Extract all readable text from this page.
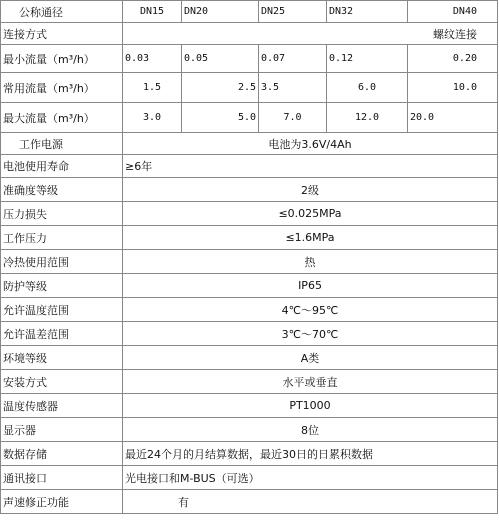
公称通径	DN15	DN20	DN25	DN32	DN40
连接方式	螺纹连接				
最小流量（m³/h）	0.03	0.05	0.07	0.12	0.20
常用流量（m³/h）	1.5	2.5	3.5	6.0	10.0
最大流量（m³/h）	3.0	5.0	7.0	12.0	20.0
工作电源	电池为3.6V/4Ah				
电池使用寿命	≥6年				
准确度等级	2级				
压力损失	≤0.025MPa				
工作压力	≤1.6MPa				
冷热使用范围	热				
防护等级	IP65				
允许温度范围	4℃～95℃				
允许温差范围	3℃～70℃				
环境等级	A类				
安装方式	水平或垂直				
温度传感器	PT1000				
显示器	8位				
数据存储	最近24个月的月结算数据，最近30日的日累积数据				
通讯接口	光电接口和M-BUS（可选）				
声速修正功能	有				
